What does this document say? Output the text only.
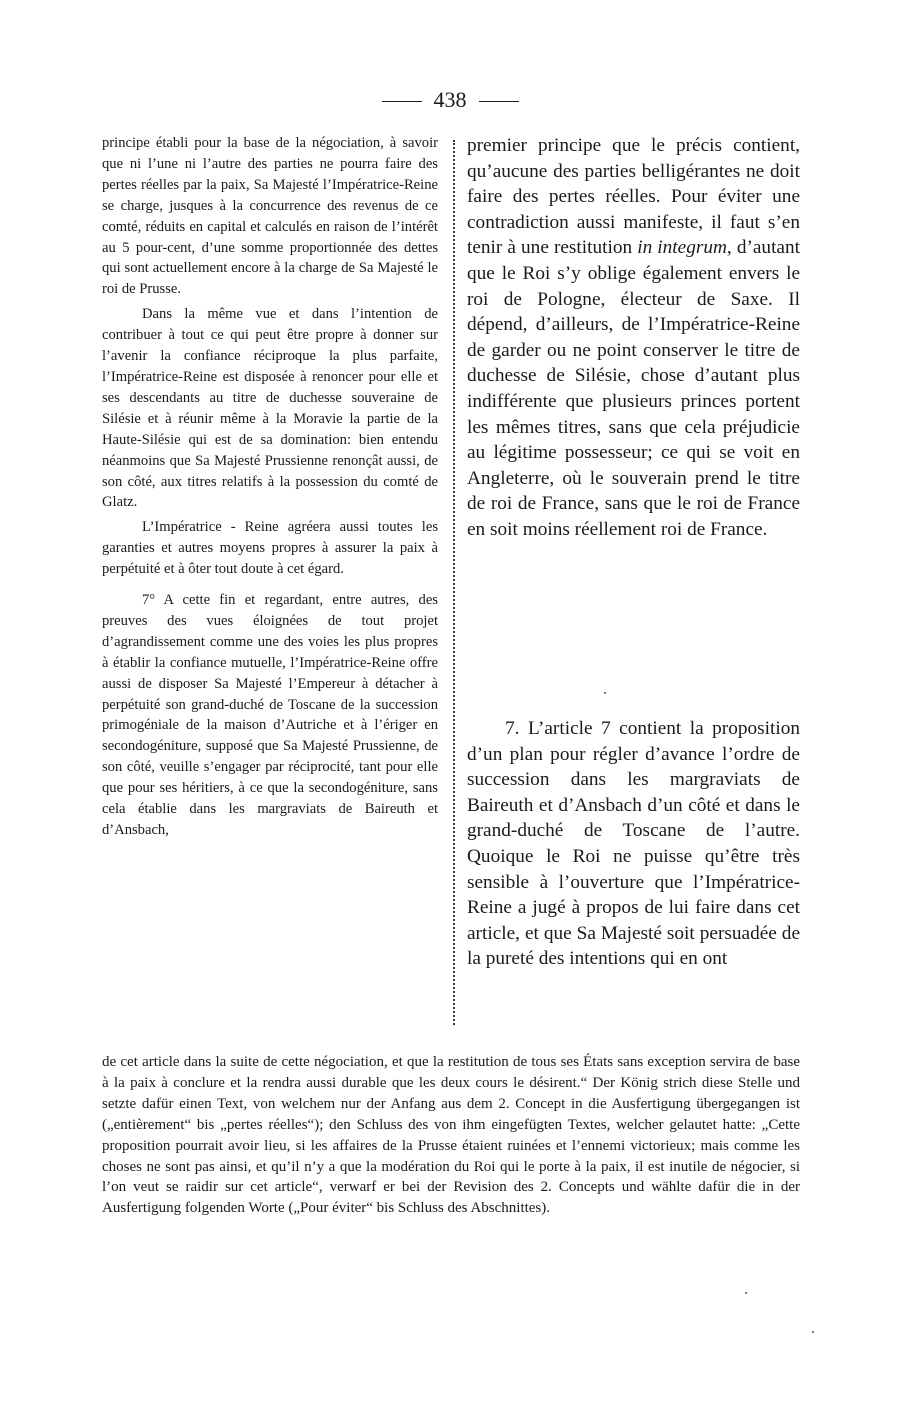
438

principe établi pour la base de la négociation, à savoir que ni l’une ni l’autre des parties ne pourra faire des pertes réelles par la paix, Sa Majesté l’Impératrice-Reine se charge, jusques à la concurrence des revenus de ce comté, réduits en capital et calculés en raison de l’intérêt au 5 pour-cent, d’une somme proportionnée des dettes qui sont actuellement encore à la charge de Sa Majesté le roi de Prusse.

Dans la même vue et dans l’intention de contribuer à tout ce qui peut être propre à donner sur l’avenir la confiance réciproque la plus parfaite, l’Impératrice-Reine est disposée à renoncer pour elle et ses descendants au titre de duchesse souveraine de Silésie et à réunir même à la Moravie la partie de la Haute-Silésie qui est de sa domination: bien entendu néanmoins que Sa Majesté Prussienne renonçât aussi, de son côté, aux titres relatifs à la possession du comté de Glatz.

L’Impératrice - Reine agréera aussi toutes les garanties et autres moyens propres à assurer la paix à perpétuité et à ôter tout doute à cet égard.

7° A cette fin et regardant, entre autres, des preuves des vues éloignées de tout projet d’agrandissement comme une des voies les plus propres à établir la confiance mutuelle, l’Impératrice-Reine offre aussi de disposer Sa Majesté l’Empereur à détacher à perpétuité son grand-duché de Toscane de la succession primogéniale de la maison d’Autriche et à l’ériger en secondogéniture, supposé que Sa Majesté Prussienne, de son côté, veuille s’engager par réciprocité, tant pour elle que pour ses héritiers, à ce que la secondogéniture, sans cela établie dans les margraviats de Baireuth et d’Ansbach,

premier principe que le précis contient, qu’aucune des parties belligérantes ne doit faire des pertes réelles. Pour éviter une contradiction aussi manifeste, il faut s’en tenir à une restitution in integrum, d’autant que le Roi s’y oblige également envers le roi de Pologne, électeur de Saxe. Il dépend, d’ailleurs, de l’Impératrice-Reine de garder ou ne point conserver le titre de duchesse de Silésie, chose d’autant plus indifférente que plusieurs princes portent les mêmes titres, sans que cela préjudicie au légitime possesseur; ce qui se voit en Angleterre, où le souverain prend le titre de roi de France, sans que le roi de France en soit moins réellement roi de France.

7. L’article 7 contient la proposition d’un plan pour régler d’avance l’ordre de succession dans les margraviats de Baireuth et d’Ansbach d’un côté et dans le grand-duché de Toscane de l’autre. Quoique le Roi ne puisse qu’être très sensible à l’ouverture que l’Impératrice-Reine a jugé à propos de lui faire dans cet article, et que Sa Majesté soit persuadée de la pureté des intentions qui en ont

de cet article dans la suite de cette négociation, et que la restitution de tous ses États sans exception servira de base à la paix à conclure et la rendra aussi durable que les deux cours le désirent.“ Der König strich diese Stelle und setzte dafür einen Text, von welchem nur der Anfang aus dem 2. Concept in die Ausfertigung übergegangen ist („entièrement“ bis „pertes réelles“); den Schluss des von ihm eingefügten Textes, welcher gelautet hatte: „Cette proposition pourrait avoir lieu, si les affaires de la Prusse étaient ruinées et l’ennemi victorieux; mais comme les choses ne sont pas ainsi, et qu’il n’y a que la modération du Roi qui le porte à la paix, il est inutile de négocier, si l’on veut se raidir sur cet article“, verwarf er bei der Revision des 2. Concepts und wählte dafür die in der Ausfertigung folgenden Worte („Pour éviter“ bis Schluss des Abschnittes).
